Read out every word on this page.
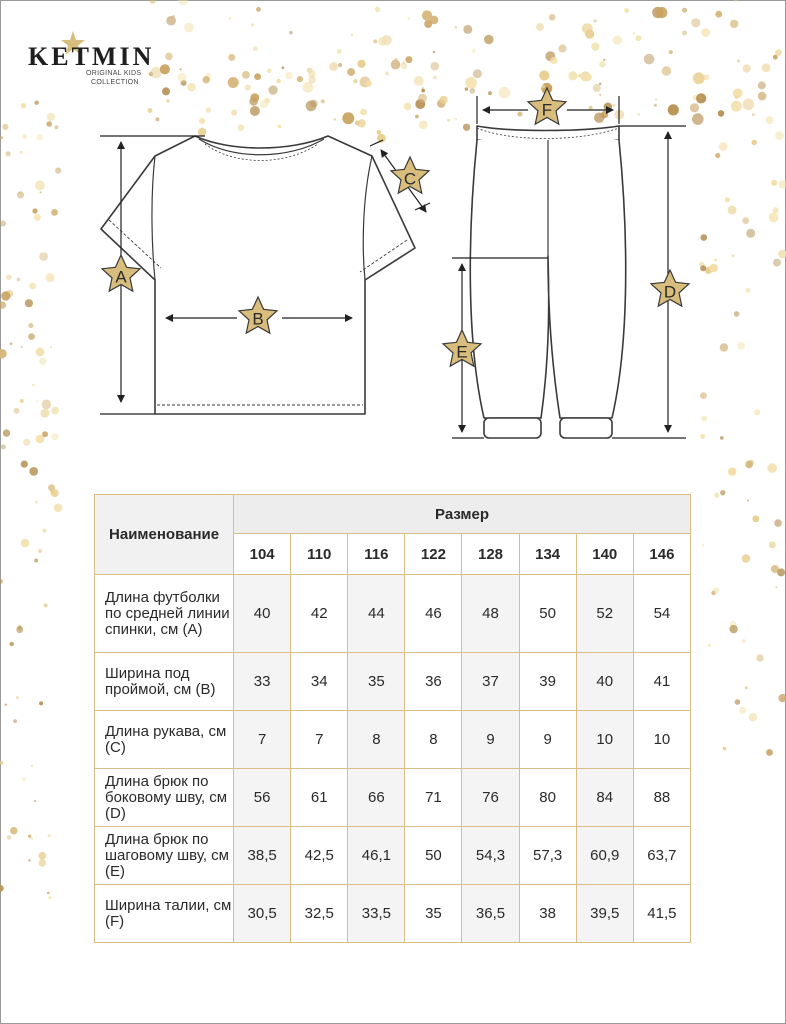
KETMIN
ORIGINAL KIDS
COLLECTION
A
B
C
D
E
F
Наименование	Размер							
	104	110	116	122	128	134	140	146
Длина футболки по средней линии спинки, см (A)	40	42	44	46	48	50	52	54
Ширина под проймой, см (B)	33	34	35	36	37	39	40	41
Длина рукава, см (C)	7	7	8	8	9	9	10	10
Длина брюк по боковому шву, см (D)	56	61	66	71	76	80	84	88
Длина брюк по шаговому шву, см (E)	38,5	42,5	46,1	50	54,3	57,3	60,9	63,7
Ширина талии, см (F)	30,5	32,5	33,5	35	36,5	38	39,5	41,5
